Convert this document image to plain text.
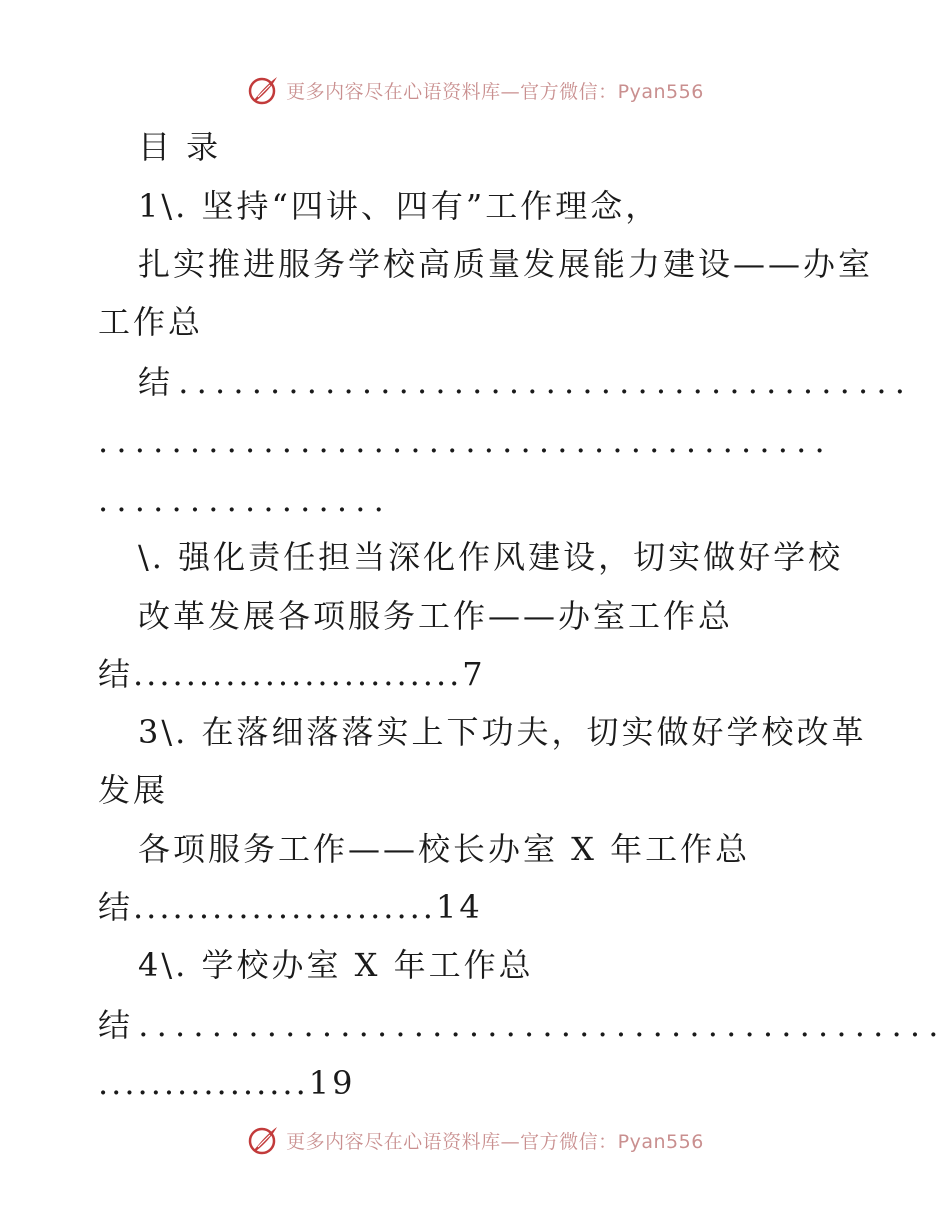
更多内容尽在心语资料库—官方微信：Pyan556
目 录
1\. 坚持“四讲、四有”工作理念，
扎实推进服务学校高质量发展能力建设——办室
工作总
结........................................
........................................
................
\. 强化责任担当深化作风建设，切实做好学校
改革发展各项服务工作——办室工作总
结.........................7
3\. 在落细落落实上下功夫，切实做好学校改革
发展
各项服务工作——校长办室 X 年工作总
结.......................14
4\. 学校办室 X 年工作总
结............................................
................19
更多内容尽在心语资料库—官方微信：Pyan556
